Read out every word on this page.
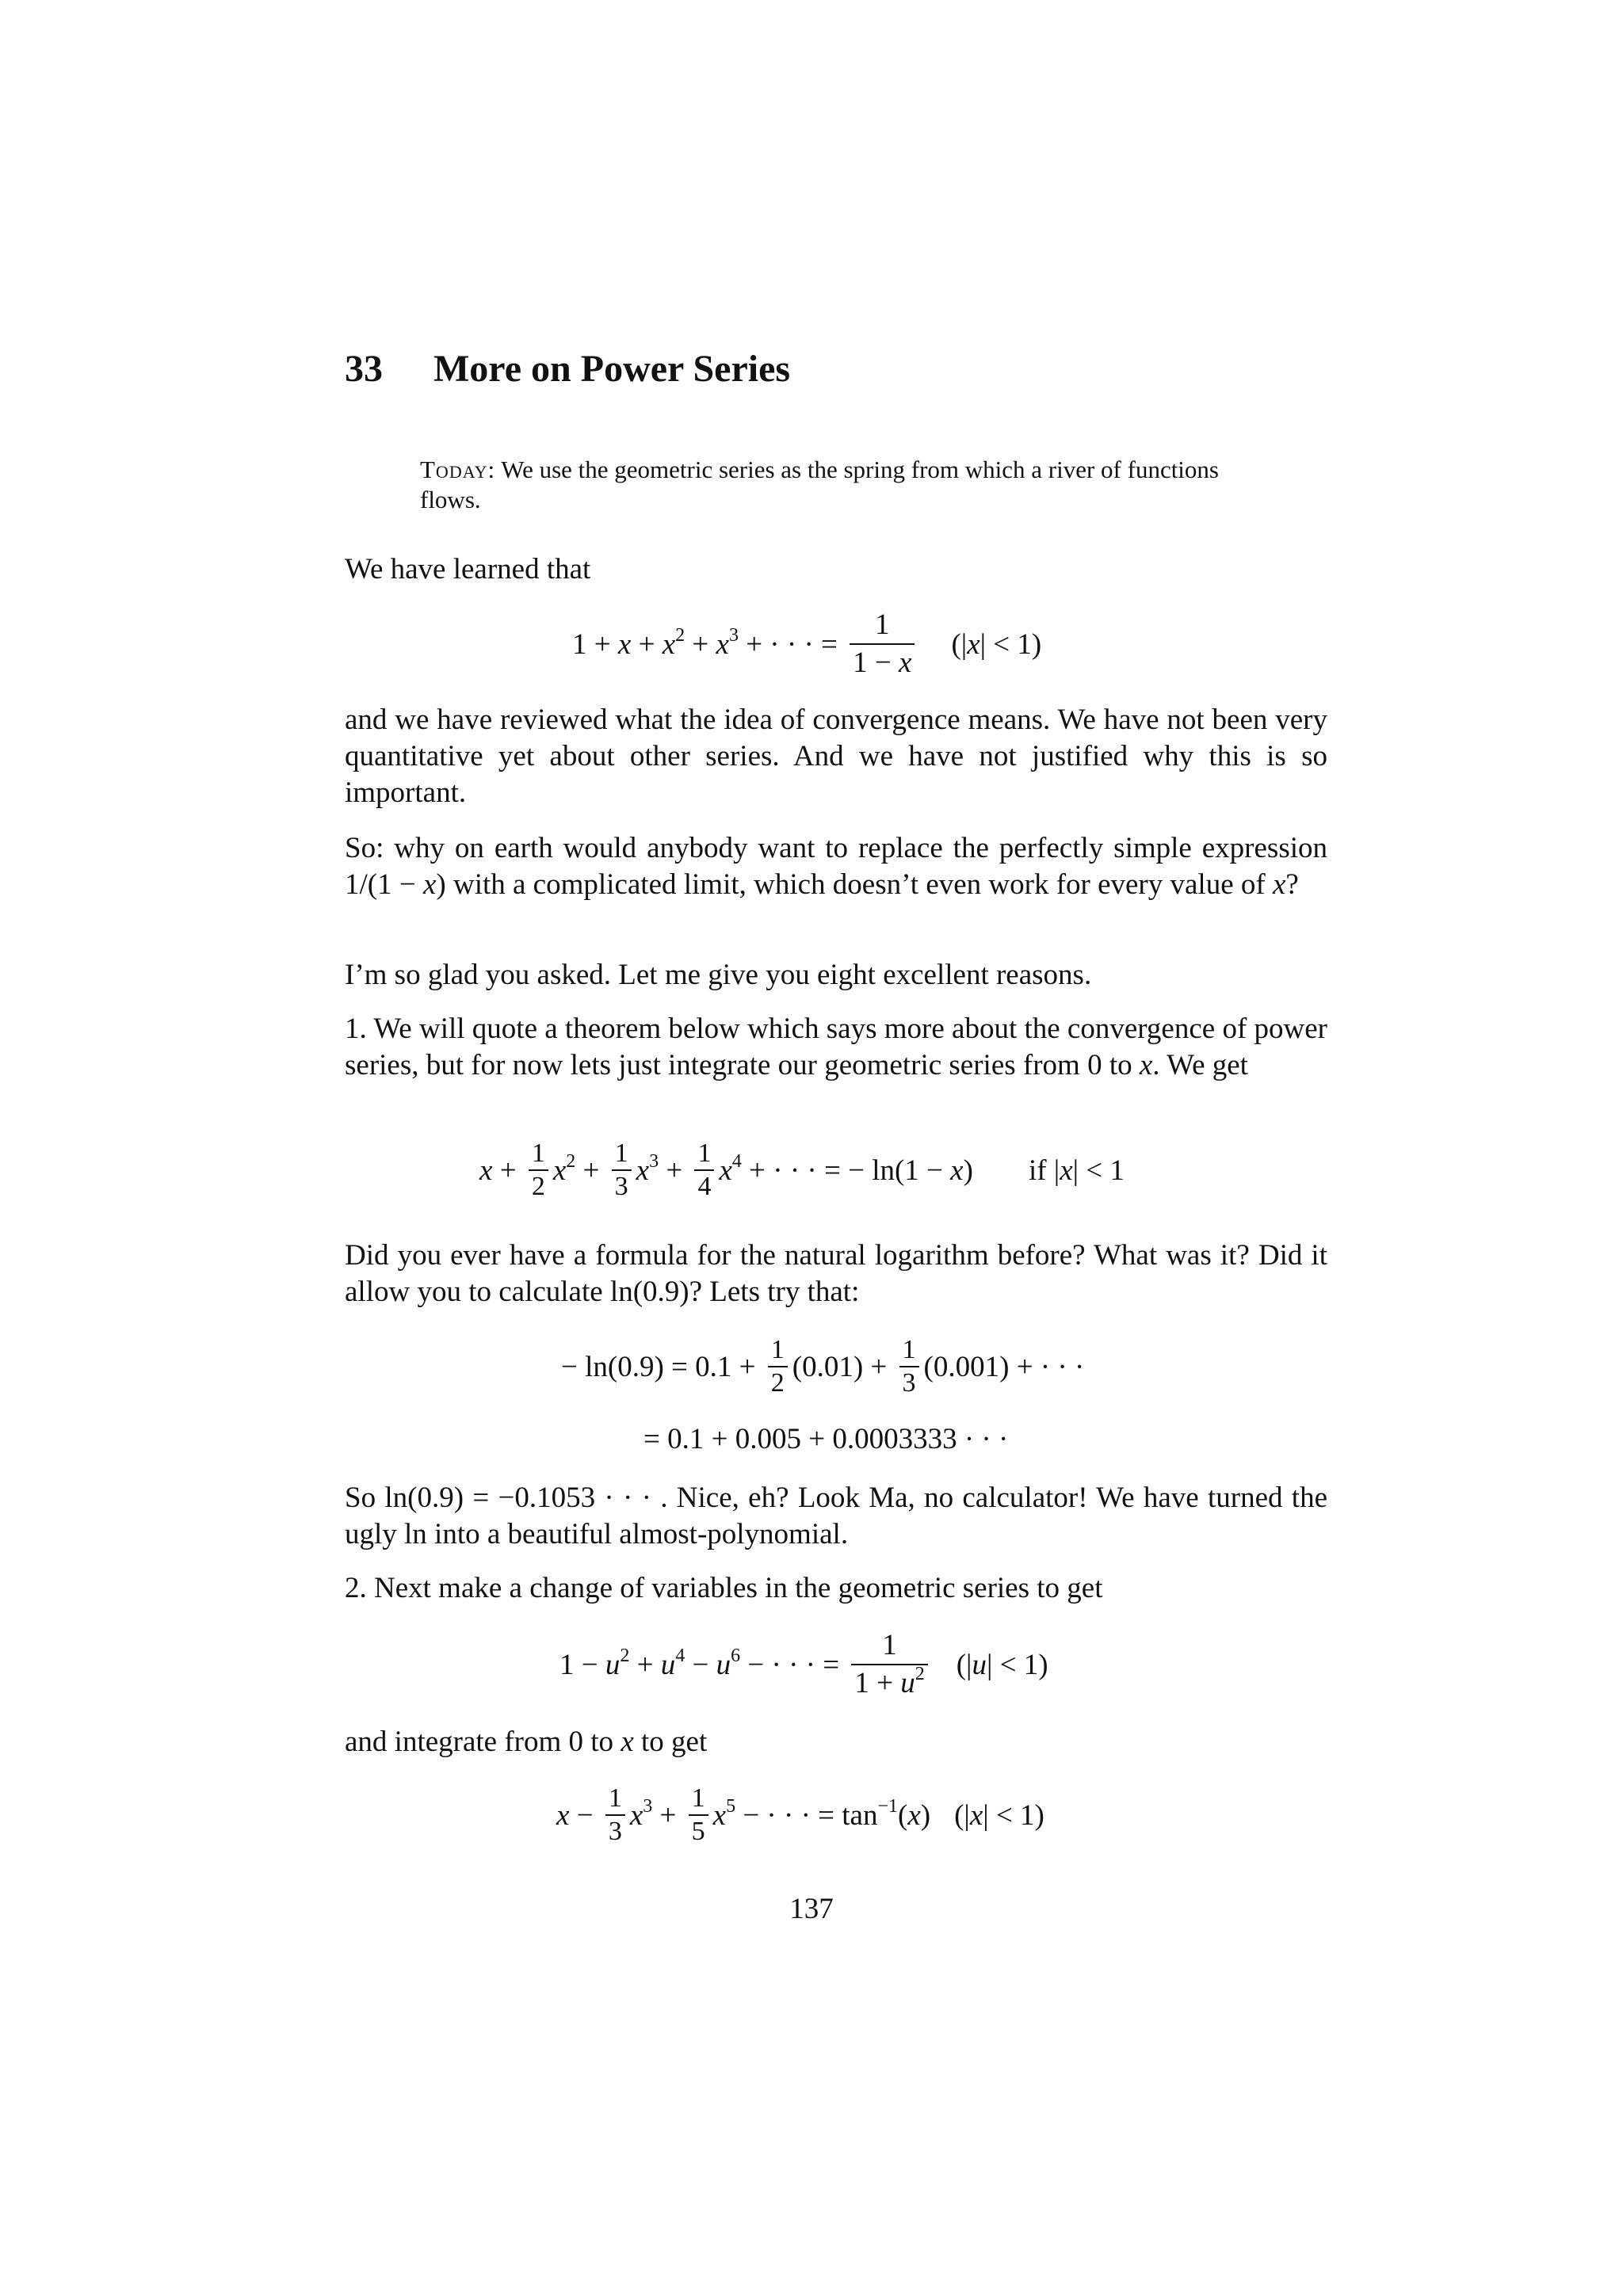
33 More on Power Series

Today: We use the geometric series as the spring from which a river of functions flows.

We have learned that

$1 + x + x^2 + x^3$ + · · · = $\frac{1}{1 - x} (|x| < 1)$

and we have reviewed what the idea of convergence means. We have not been very quantitative yet about other series. And we have not justified why this is so important.

So: why on earth would anybody want to replace the perfectly simple expression 1/(1 − x) with a complicated limit, which doesn’t even work for every value of x?

I’m so glad you asked. Let me give you eight excellent reasons.

1. We will quote a theorem below which says more about the convergence of power series, but for now lets just integrate our geometric series from 0 to x. We get

$x + \frac{1}{2} x^2 + \frac{1}{3} x^3 + \frac{1}{4} x^4$ + · · · = − ln(1 − x) if |x| < 1

Did you ever have a formula for the natural logarithm before? What was it? Did it allow you to calculate ln(0.9)? Lets try that:

− $\ln(0.9) = 0.1 + \frac{1}{2} (0.01) + \frac{1}{3} (0.001)$ + · · ·
= 0.1 + 0.005 + 0.0003333 · · ·

So ln(0.9) = −0.1053 · · · . Nice, eh? Look Ma, no calculator! We have turned the ugly ln into a beautiful almost-polynomial.

2. Next make a change of variables in the geometric series to get

$1 - u^2 + u^4 - u^6$ − · · · = $\frac{1}{1 + u^2} (|u| < 1)$

and integrate from 0 to x to get

$x - \frac{1}{3} x^3 + \frac{1}{5} x^5$ − · · · = $\tan^{-1}(x) (|x| < 1)$

137
